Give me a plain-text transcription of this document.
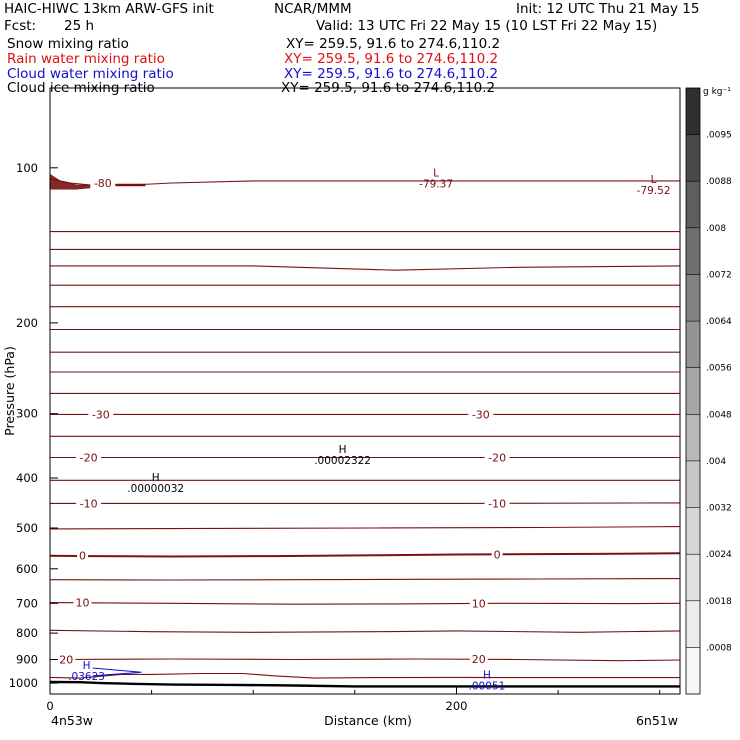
HAIC-HIWC 13km ARW-GFS init	NCAR/MMM	Init: 12 UTC Thu 21 May 15
Fcst: 25 h	Valid: 13 UTC Fri 22 May 15 (10 LST Fri 22 May 15)
Snow mixing ratio	XY= 259.5, 91.6 to 274.6,110.2
Rain water mixing ratio	XY= 259.5, 91.6 to 274.6,110.2
Cloud water mixing ratio	XY= 259.5, 91.6 to 274.6,110.2
Cloud ice mixing ratio	XY= 259.5, 91.6 to 274.6,110.2
-80
-30	-30
-20	-20
-10	-10
0	0
10	10
20	20
L
-79.37	L
-79.52
H
.00002322
H
.00000032
H
.03623	H
.00051
100
200
300
400
500
600
700
800
900
1000
0	200
.0095
.0088
.008
.0072
.0064
.0056
.0048
.004
.0032
.0024
.0018
.0008
Pressure (hPa)
Distance (km)
4n53w	6n51w
g kg⁻¹
